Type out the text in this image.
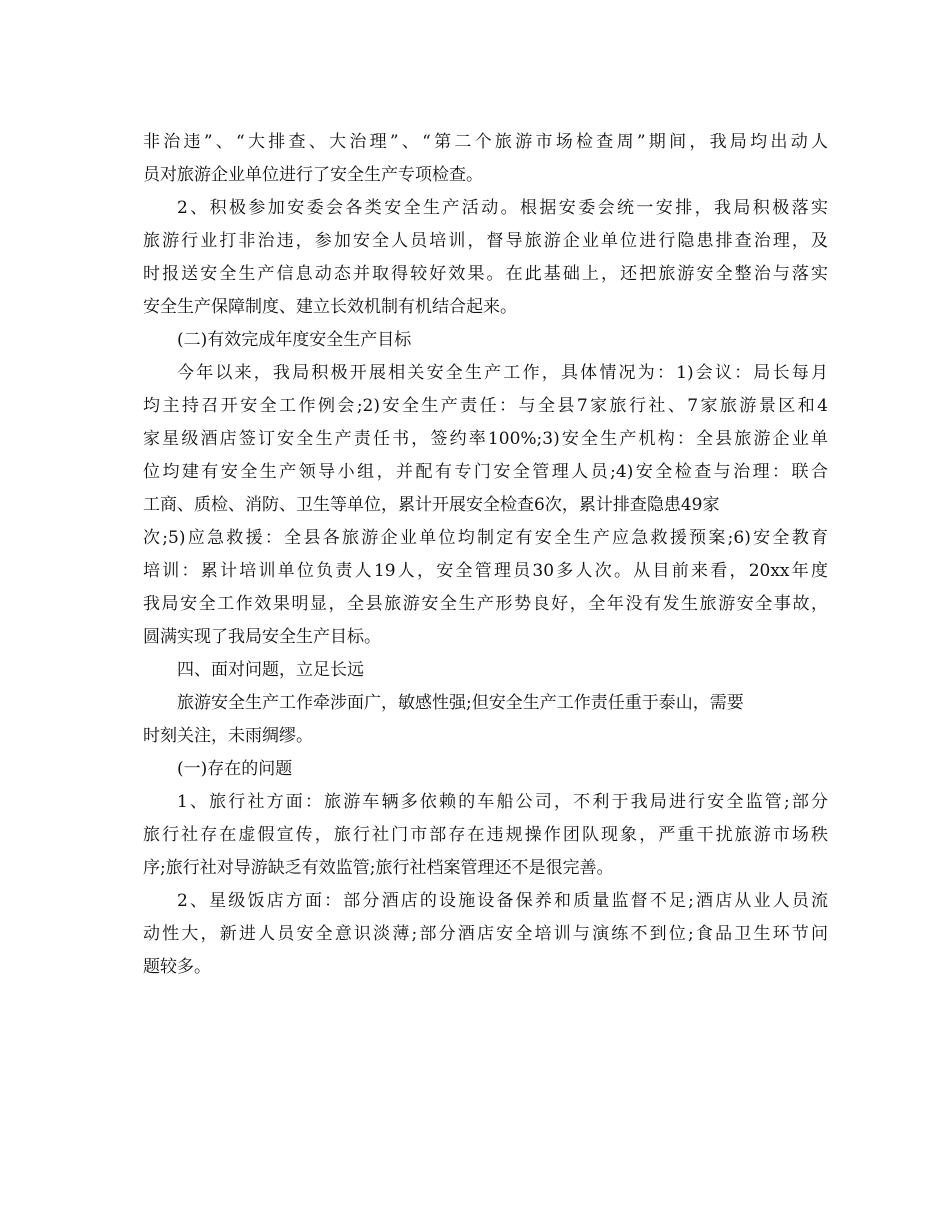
非治违”、“大排查、大治理”、“第二个旅游市场检查周”期间，我局均出动人
员对旅游企业单位进行了安全生产专项检查。
2、积极参加安委会各类安全生产活动。根据安委会统一安排，我局积极落实
旅游行业打非治违，参加安全人员培训，督导旅游企业单位进行隐患排查治理，及
时报送安全生产信息动态并取得较好效果。在此基础上，还把旅游安全整治与落实
安全生产保障制度、建立长效机制有机结合起来。
(二)有效完成年度安全生产目标
今年以来，我局积极开展相关安全生产工作，具体情况为：1)会议：局长每月
均主持召开安全工作例会;2)安全生产责任：与全县7家旅行社、7家旅游景区和4
家星级酒店签订安全生产责任书，签约率100%;3)安全生产机构：全县旅游企业单
位均建有安全生产领导小组，并配有专门安全管理人员;4)安全检查与治理：联合
工商、质检、消防、卫生等单位，累计开展安全检查6次，累计排查隐患49家
次;5)应急救援：全县各旅游企业单位均制定有安全生产应急救援预案;6)安全教育
培训：累计培训单位负责人19人，安全管理员30多人次。从目前来看，20xx年度
我局安全工作效果明显，全县旅游安全生产形势良好，全年没有发生旅游安全事故，
圆满实现了我局安全生产目标。
四、面对问题，立足长远
旅游安全生产工作牵涉面广，敏感性强;但安全生产工作责任重于泰山，需要
时刻关注，未雨绸缪。
(一)存在的问题
1、旅行社方面：旅游车辆多依赖的车船公司，不利于我局进行安全监管;部分
旅行社存在虚假宣传，旅行社门市部存在违规操作团队现象，严重干扰旅游市场秩
序;旅行社对导游缺乏有效监管;旅行社档案管理还不是很完善。
2、星级饭店方面：部分酒店的设施设备保养和质量监督不足;酒店从业人员流
动性大，新进人员安全意识淡薄;部分酒店安全培训与演练不到位;食品卫生环节问
题较多。
